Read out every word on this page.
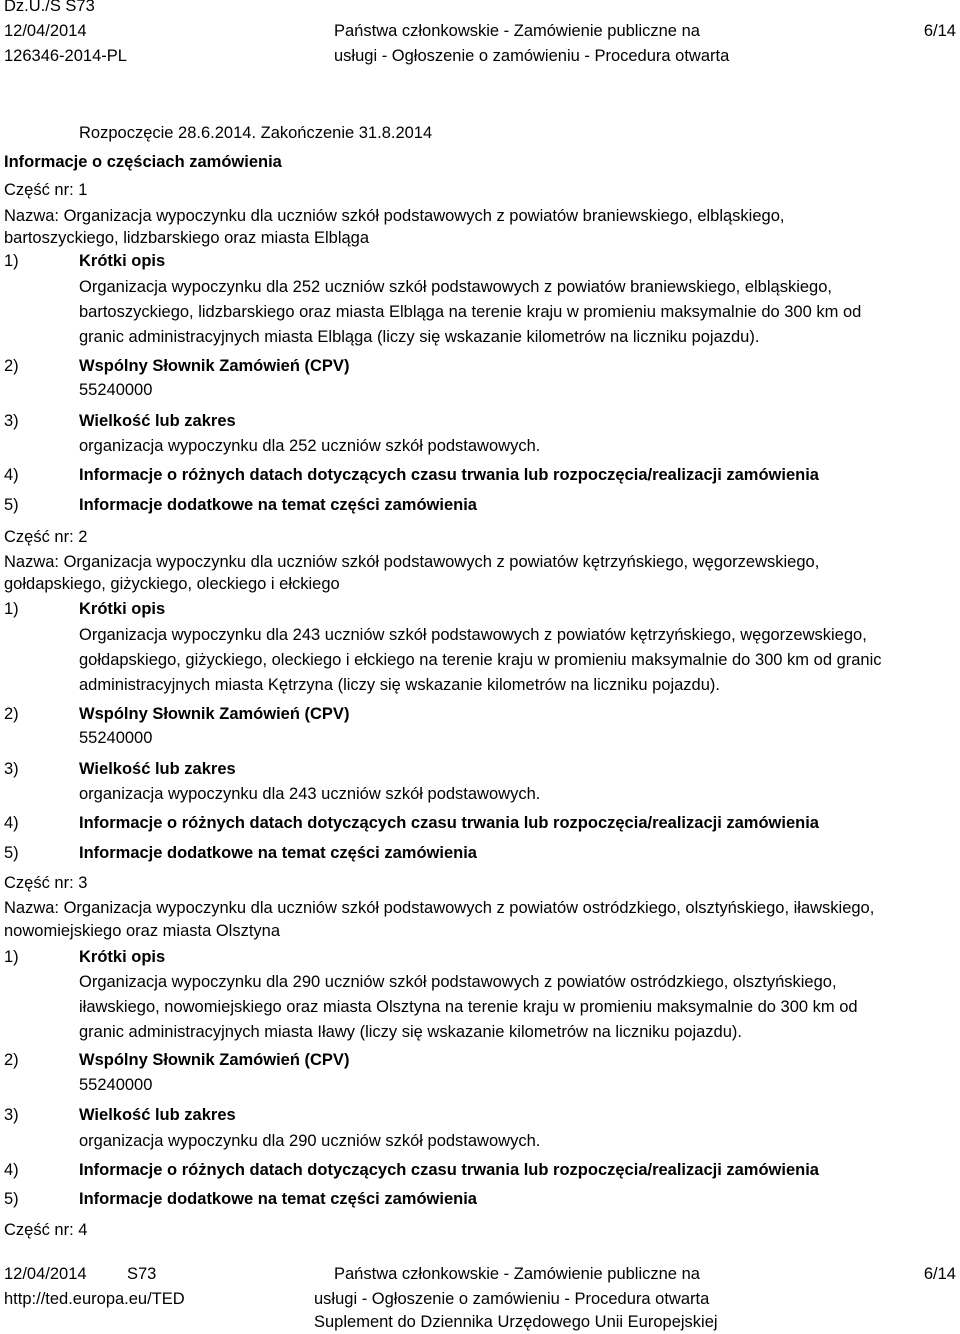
Dz.U./S S73
12/04/2014
126346-2014-PL
Państwa członkowskie - Zamówienie publiczne na
usługi - Ogłoszenie o zamówieniu - Procedura otwarta
6/14
Rozpoczęcie 28.6.2014. Zakończenie 31.8.2014
Informacje o częściach zamówienia
Część nr: 1
Nazwa: Organizacja wypoczynku dla uczniów szkół podstawowych z powiatów braniewskiego, elbląskiego,
bartoszyckiego, lidzbarskiego oraz miasta Elbląga
1)	Krótki opis
Organizacja wypoczynku dla 252 uczniów szkół podstawowych z powiatów braniewskiego, elbląskiego,
bartoszyckiego, lidzbarskiego oraz miasta Elbląga na terenie kraju w promieniu maksymalnie do 300 km od
granic administracyjnych miasta Elbląga (liczy się wskazanie kilometrów na liczniku pojazdu).
2)	Wspólny Słownik Zamówień (CPV)
55240000
3)	Wielkość lub zakres
organizacja wypoczynku dla 252 uczniów szkół podstawowych.
4)	Informacje o różnych datach dotyczących czasu trwania lub rozpoczęcia/realizacji zamówienia
5)	Informacje dodatkowe na temat części zamówienia
Część nr: 2
Nazwa: Organizacja wypoczynku dla uczniów szkół podstawowych z powiatów kętrzyńskiego, węgorzewskiego,
gołdapskiego, giżyckiego, oleckiego i ełckiego
1)	Krótki opis
Organizacja wypoczynku dla 243 uczniów szkół podstawowych z powiatów kętrzyńskiego, węgorzewskiego,
gołdapskiego, giżyckiego, oleckiego i ełckiego na terenie kraju w promieniu maksymalnie do 300 km od granic
administracyjnych miasta Kętrzyna (liczy się wskazanie kilometrów na liczniku pojazdu).
2)	Wspólny Słownik Zamówień (CPV)
55240000
3)	Wielkość lub zakres
organizacja wypoczynku dla 243 uczniów szkół podstawowych.
4)	Informacje o różnych datach dotyczących czasu trwania lub rozpoczęcia/realizacji zamówienia
5)	Informacje dodatkowe na temat części zamówienia
Część nr: 3
Nazwa: Organizacja wypoczynku dla uczniów szkół podstawowych z powiatów ostródzkiego, olsztyńskiego, iławskiego,
nowomiejskiego oraz miasta Olsztyna
1)	Krótki opis
Organizacja wypoczynku dla 290 uczniów szkół podstawowych z powiatów ostródzkiego, olsztyńskiego,
iławskiego, nowomiejskiego oraz miasta Olsztyna na terenie kraju w promieniu maksymalnie do 300 km od
granic administracyjnych miasta Iławy (liczy się wskazanie kilometrów na liczniku pojazdu).
2)	Wspólny Słownik Zamówień (CPV)
55240000
3)	Wielkość lub zakres
organizacja wypoczynku dla 290 uczniów szkół podstawowych.
4)	Informacje o różnych datach dotyczących czasu trwania lub rozpoczęcia/realizacji zamówienia
5)	Informacje dodatkowe na temat części zamówienia
Część nr: 4
12/04/2014 S73
http://ted.europa.eu/TED
Państwa członkowskie - Zamówienie publiczne na
usługi - Ogłoszenie o zamówieniu - Procedura otwarta
Suplement do Dziennika Urzędowego Unii Europejskiej
6/14
